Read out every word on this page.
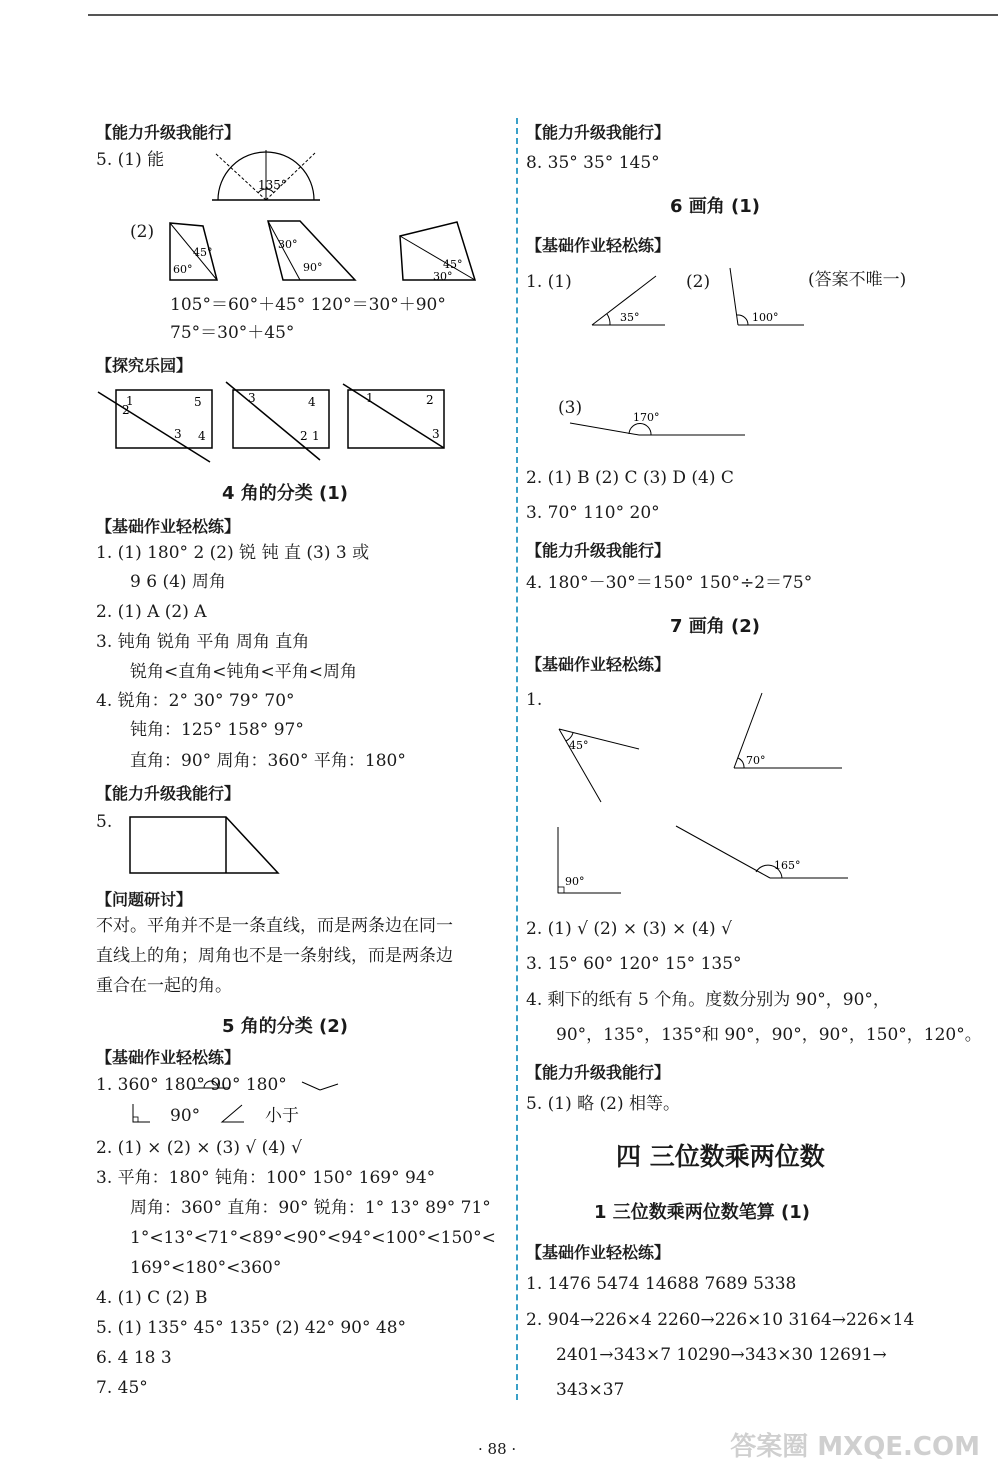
【能力升级我能行】
5. (1) 能
135°
(2)
45°
60°
30°
90°	45°
30°
105°＝60°＋45° 120°＝30°＋90°
75°＝30°＋45°
【探究乐园】
1
2
5
3 4
3	4
2 1
1	2
3
4 角的分类 (1)
【基础作业轻松练】
1. (1) 180° 2 (2) 锐 钝 直 (3) 3 或
9 6 (4) 周角
2. (1) A (2) A
3. 钝角 锐角 平角 周角 直角
锐角<直角<钝角<平角<周角
4. 锐角：2° 30° 79° 70°
钝角：125° 158° 97°
直角：90° 周角：360° 平角：180°
【能力升级我能行】
5.
【问题研讨】
不对。平角并不是一条直线，而是两条边在同一
直线上的角；周角也不是一条射线，而是两条边
重合在一起的角。
5 角的分类 (2)
【基础作业轻松练】
1. 360° 180° 90° 180°
90°	小于
2. (1) × (2) × (3) √ (4) √
3. 平角：180° 钝角：100° 150° 169° 94°
周角：360° 直角：90° 锐角：1° 13° 89° 71°
1°<13°<71°<89°<90°<94°<100°<150°<
169°<180°<360°
4. (1) C (2) B
5. (1) 135° 45° 135° (2) 42° 90° 48°
6. 4 18 3
7. 45°
【能力升级我能行】
8. 35° 35° 145°
6 画角 (1)
【基础作业轻松练】
1. (1)
35°
(2)
100°
(答案不唯一)
(3)	170°
2. (1) B (2) C (3) D (4) C
3. 70° 110° 20°
【能力升级我能行】
4. 180°－30°＝150° 150°÷2＝75°
7 画角 (2)
【基础作业轻松练】
1.
45°
70°
90°
165°
2. (1) √ (2) × (3) × (4) √
3. 15° 60° 120° 15° 135°
4. 剩下的纸有 5 个角。度数分别为 90°，90°，
90°，135°，135°和 90°，90°，90°，150°，120°。
【能力升级我能行】
5. (1) 略 (2) 相等。
四 三位数乘两位数
1 三位数乘两位数笔算 (1)
【基础作业轻松练】
1. 1476 5474 14688 7689 5338
2. 904→226×4 2260→226×10 3164→226×14
2401→343×7 10290→343×30 12691→
343×37
· 88 ·	答案圈 MXQE.COM
